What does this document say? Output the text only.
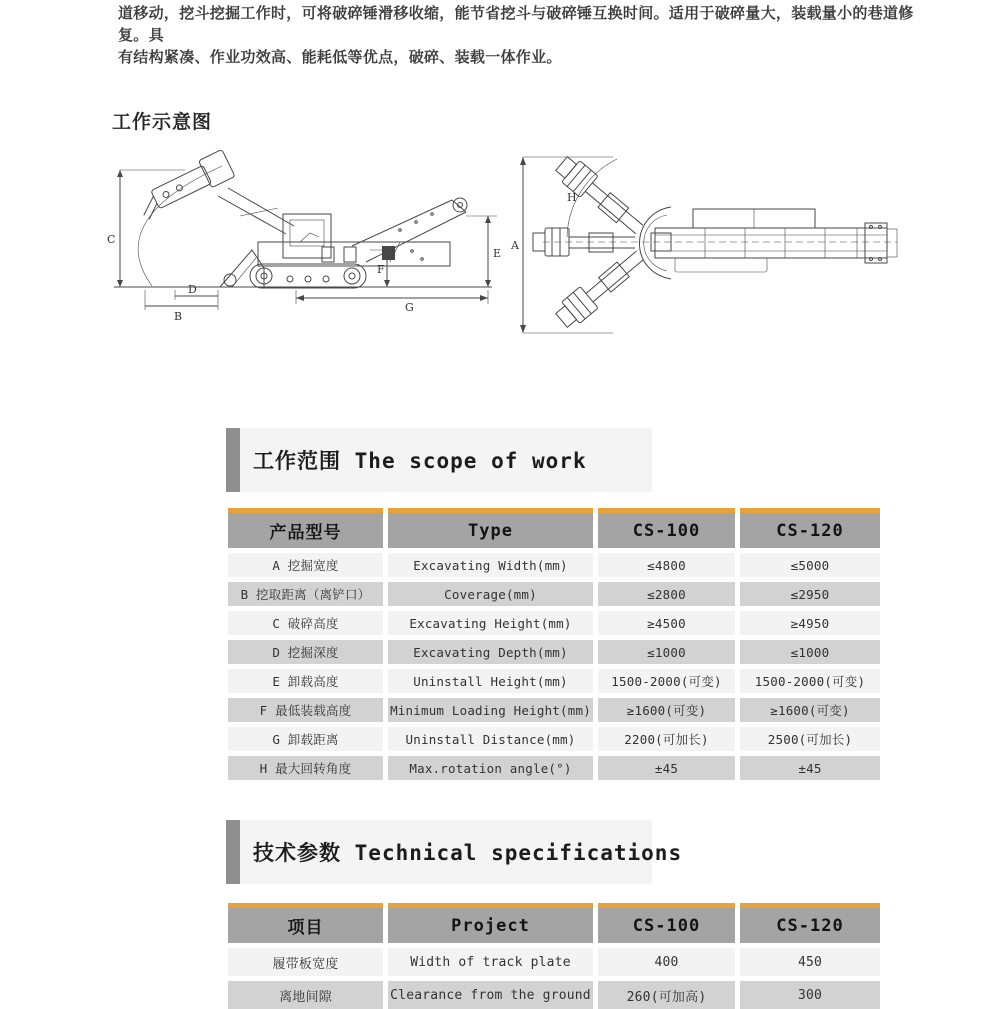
道移动，挖斗挖掘工作时，可将破碎锤滑移收缩，能节省挖斗与破碎锤互换时间。适用于破碎量大，装载量小的巷道修复。具
有结构紧凑、作业功效高、能耗低等优点，破碎、装载一体作业。
工作示意图
C
D
B
G
E
F
A
H
工作范围 The scope of work
产品型号	Type	CS-100	CS-120
A 挖掘宽度	Excavating Width(mm)	≤4800	≤5000
B 挖取距离（离铲口）	Coverage(mm)	≤2800	≤2950
C 破碎高度	Excavating Height(mm)	≥4500	≥4950
D 挖掘深度	Excavating Depth(mm)	≤1000	≤1000
E 卸载高度	Uninstall Height(mm)	1500-2000(可变)	1500-2000(可变)
F 最低装载高度	Minimum Loading Height(mm)	≥1600(可变)	≥1600(可变)
G 卸载距离	Uninstall Distance(mm)	2200(可加长)	2500(可加长)
H 最大回转角度	Max.rotation angle(°)	±45	±45
技术参数 Technical specifications
项目	Project	CS-100	CS-120
履带板宽度	Width of track plate	400	450
离地间隙	Clearance from the ground	260(可加高)	300
